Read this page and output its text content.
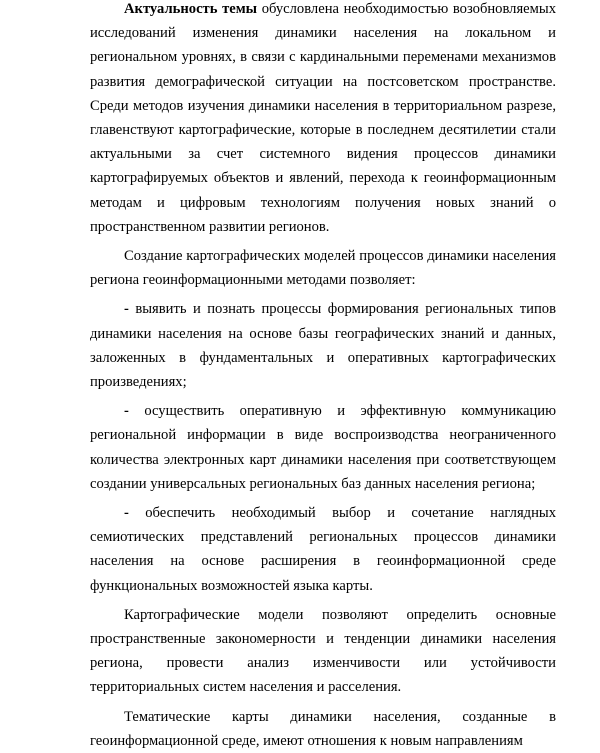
Актуальность темы обусловлена необходимостью возобновляемых исследований изменения динамики населения на локальном и региональном уровнях, в связи с кардинальными переменами механизмов развития демографической ситуации на постсоветском пространстве. Среди методов изучения динамики населения в территориальном разрезе, главенствуют картографические, которые в последнем десятилетии стали актуальными за счет системного видения процессов динамики картографируемых объектов и явлений, перехода к геоинформационным методам и цифровым технологиям получения новых знаний о пространственном развитии регионов.

Создание картографических моделей процессов динамики населения региона геоинформационными методами позволяет:

- выявить и познать процессы формирования региональных типов динамики населения на основе базы географических знаний и данных, заложенных в фундаментальных и оперативных картографических произведениях;

- осуществить оперативную и эффективную коммуникацию региональной информации в виде воспроизводства неограниченного количества электронных карт динамики населения при соответствующем создании универсальных региональных баз данных населения региона;

- обеспечить необходимый выбор и сочетание наглядных семиотических представлений региональных процессов динамики населения на основе расширения в геоинформационной среде функциональных возможностей языка карты.

Картографические модели позволяют определить основные пространственные закономерности и тенденции динамики населения региона, провести анализ изменчивости или устойчивости территориальных систем населения и расселения.

Тематические карты динамики населения, созданные в геоинформационной среде, имеют отношения к новым направлениям
